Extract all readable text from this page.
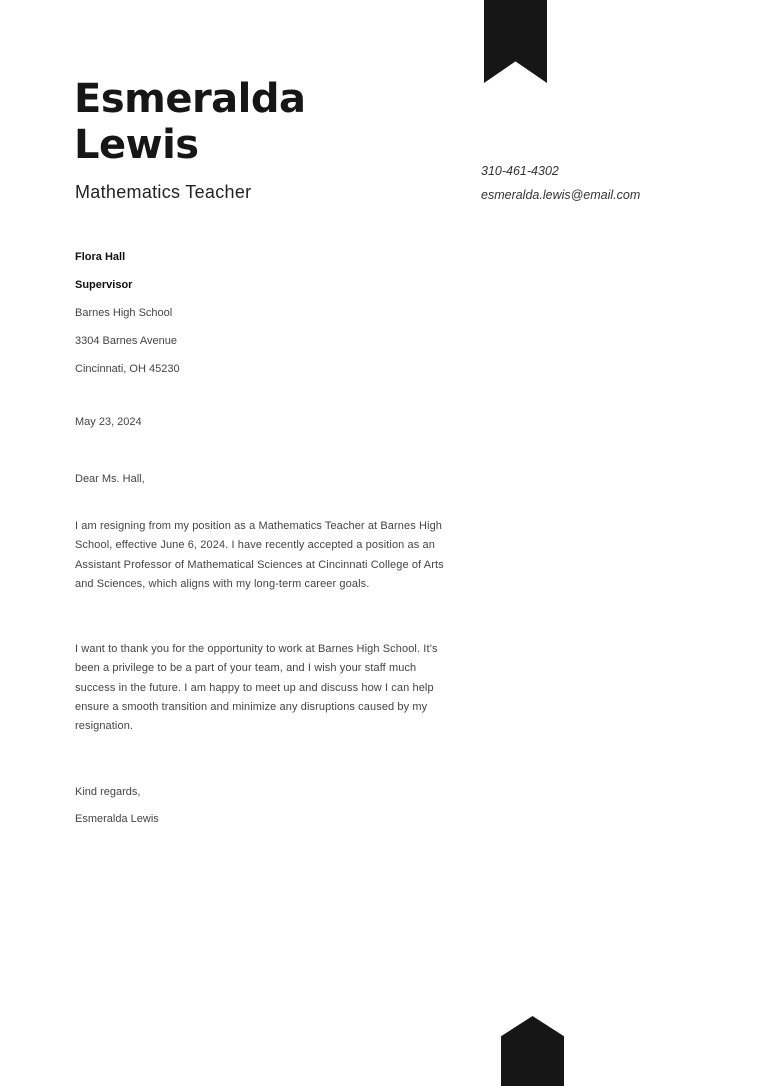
Esmeralda
Lewis
Mathematics Teacher
310-461-4302
esmeralda.lewis@email.com
Flora Hall
Supervisor
Barnes High School
3304 Barnes Avenue
Cincinnati, OH 45230
May 23, 2024
Dear Ms. Hall,
I am resigning from my position as a Mathematics Teacher at Barnes High School, effective June 6, 2024. I have recently accepted a position as an Assistant Professor of Mathematical Sciences at Cincinnati College of Arts and Sciences, which aligns with my long-term career goals.
I want to thank you for the opportunity to work at Barnes High School. It’s been a privilege to be a part of your team, and I wish your staff much success in the future. I am happy to meet up and discuss how I can help ensure a smooth transition and minimize any disruptions caused by my resignation.
Kind regards,
Esmeralda Lewis
